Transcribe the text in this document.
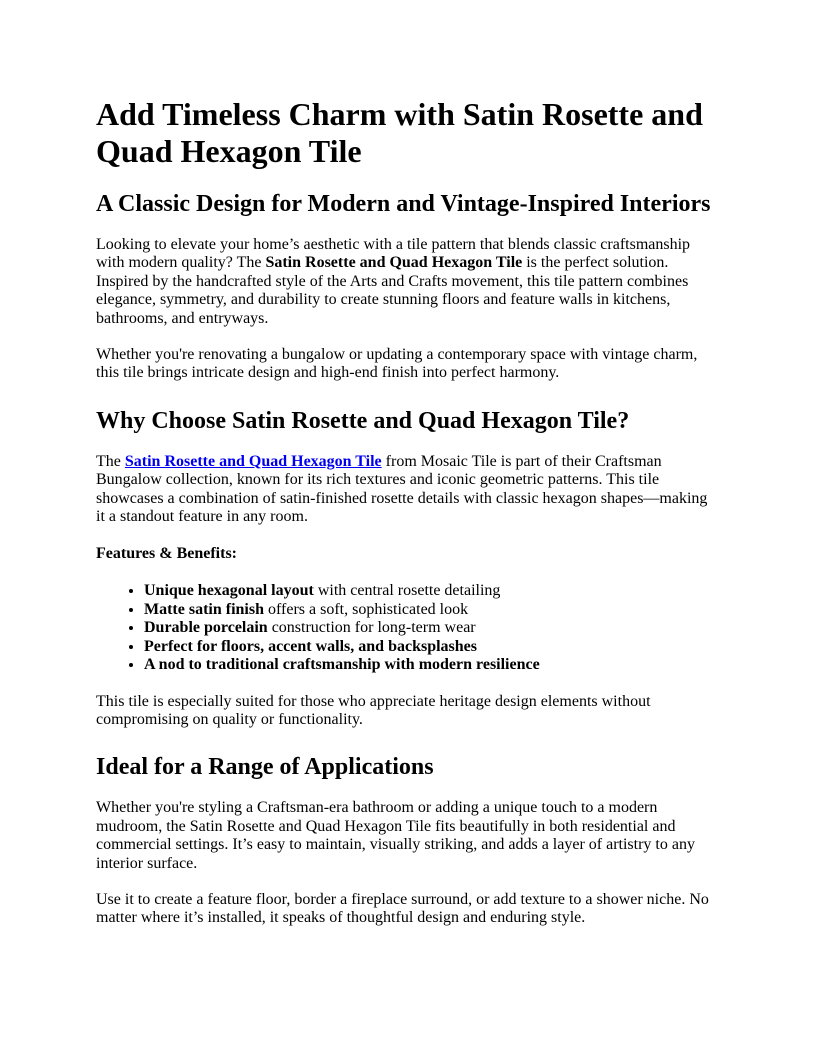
Add Timeless Charm with Satin Rosette and Quad Hexagon Tile
A Classic Design for Modern and Vintage-Inspired Interiors

Looking to elevate your home’s aesthetic with a tile pattern that blends classic craftsmanship with modern quality? The Satin Rosette and Quad Hexagon Tile is the perfect solution. Inspired by the handcrafted style of the Arts and Crafts movement, this tile pattern combines elegance, symmetry, and durability to create stunning floors and feature walls in kitchens, bathrooms, and entryways.

Whether you're renovating a bungalow or updating a contemporary space with vintage charm, this tile brings intricate design and high-end finish into perfect harmony.

Why Choose Satin Rosette and Quad Hexagon Tile?

The Satin Rosette and Quad Hexagon Tile from Mosaic Tile is part of their Craftsman Bungalow collection, known for its rich textures and iconic geometric patterns. This tile showcases a combination of satin-finished rosette details with classic hexagon shapes—making it a standout feature in any room.

Features & Benefits:
• Unique hexagonal layout with central rosette detailing
• Matte satin finish offers a soft, sophisticated look
• Durable porcelain construction for long-term wear
• Perfect for floors, accent walls, and backsplashes
• A nod to traditional craftsmanship with modern resilience

This tile is especially suited for those who appreciate heritage design elements without compromising on quality or functionality.

Ideal for a Range of Applications

Whether you're styling a Craftsman-era bathroom or adding a unique touch to a modern mudroom, the Satin Rosette and Quad Hexagon Tile fits beautifully in both residential and commercial settings. It’s easy to maintain, visually striking, and adds a layer of artistry to any interior surface.

Use it to create a feature floor, border a fireplace surround, or add texture to a shower niche. No matter where it’s installed, it speaks of thoughtful design and enduring style.
